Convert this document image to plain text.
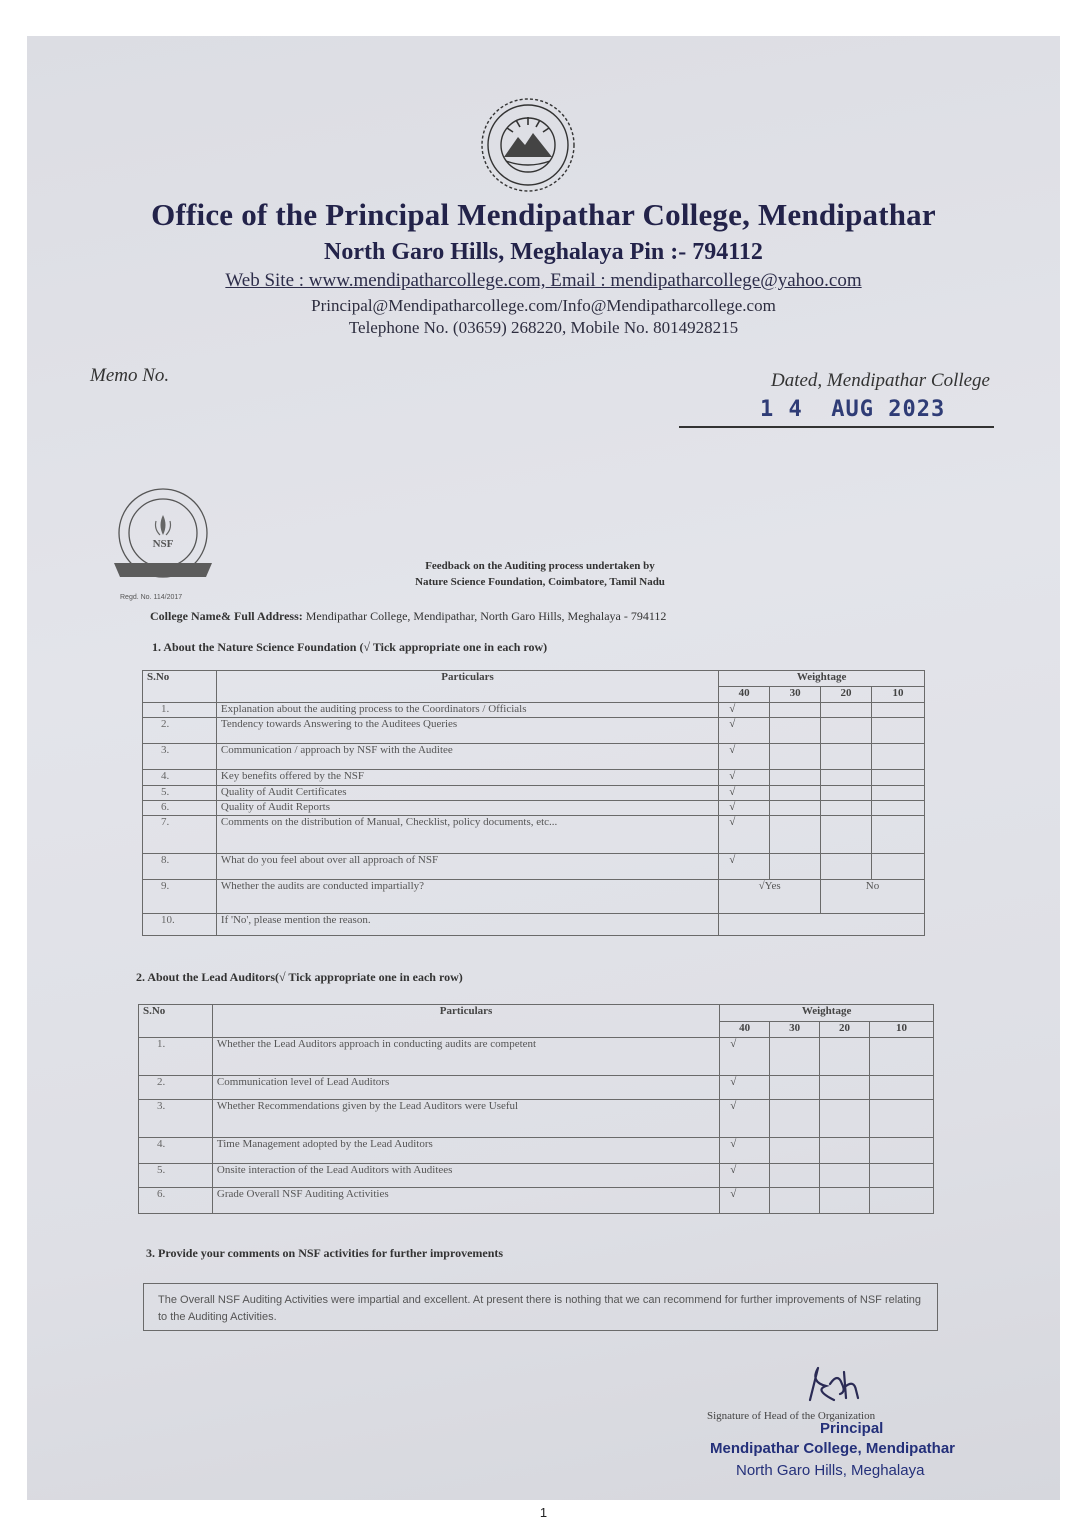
Office of the Principal Mendipathar College, Mendipathar
North Garo Hills, Meghalaya Pin :- 794112
Web Site : www.mendipatharcollege.com, Email : mendipatharcollege@yahoo.com
Principal@Mendipatharcollege.com/Info@Mendipatharcollege.com
Telephone No. (03659) 268220, Mobile No. 8014928215
Memo No.	Dated, Mendipathar College
1 4  AUG 2023
NSF
Regd. No. 114/2017
Feedback on the Auditing process undertaken by
Nature Science Foundation, Coimbatore, Tamil Nadu
College Name& Full Address: Mendipathar College, Mendipathar, North Garo Hills, Meghalaya - 794112
1. About the Nature Science Foundation (√ Tick appropriate one in each row)
S.No	Particulars	Weightage			
		40	30	20	10
1.	Explanation about the auditing process to the Coordinators / Officials	√			
2.	Tendency towards Answering to the Auditees Queries	√			
3.	Communication / approach by NSF with the Auditee	√			
4.	Key benefits offered by the NSF	√			
5.	Quality of Audit Certificates	√			
6.	Quality of Audit Reports	√			
7.	Comments on the distribution of Manual, Checklist, policy documents, etc...	√			
8.	What do you feel about over all approach of NSF	√			
9.	Whether the audits are conducted impartially?	√Yes		No	
10.	If 'No', please mention the reason.				
2. About the Lead Auditors(√ Tick appropriate one in each row)
S.No	Particulars	Weightage			
		40	30	20	10
1.	Whether the Lead Auditors approach in conducting audits are competent	√			
2.	Communication level of Lead Auditors	√			
3.	Whether Recommendations given by the Lead Auditors were Useful	√			
4.	Time Management adopted by the Lead Auditors	√			
5.	Onsite interaction of the Lead Auditors with Auditees	√			
6.	Grade Overall NSF Auditing Activities	√			
3. Provide your comments on NSF activities for further improvements
The Overall NSF Auditing Activities were impartial and excellent. At present there is nothing that we can recommend for further improvements of NSF relating to the Auditing Activities.
Signature of Head of the Organization
Principal
Mendipathar College, Mendipathar
North Garo Hills, Meghalaya
1
